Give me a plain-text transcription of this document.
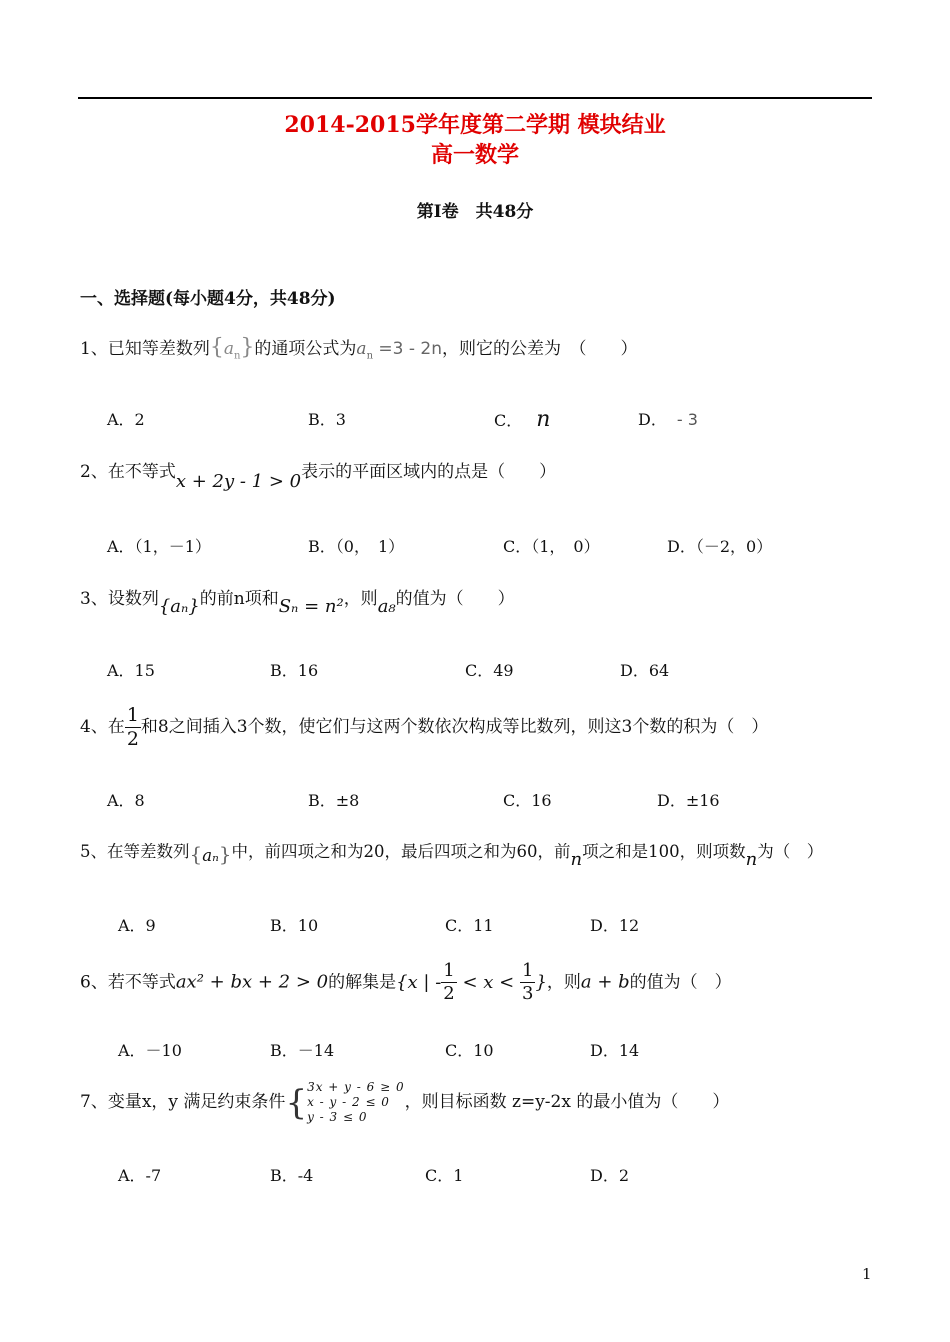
2014-2015学年度第二学期 模块结业
高一数学
第Ⅰ卷　共48分
一、选择题(每小题4分，共48分)
1、已知等差数列$\{a_n\}$的通项公式为$a_n =3 - 2n$，则它的公差为　（　　）
A．2	B．3	C． n	D． - 3
2、在不等式x + 2y - 1 > 0表示的平面区域内的点是（　　）
A．（1，－1）	B．（0，　1）	C．（1，　0）	D．（－2，0）
3、设数列{aₙ}的前n项和Sₙ = n²，则a₈的值为（　　）
A．15	B．16	C．49	D．64
4、在 $\frac{1}{2}$ 和8之间插入3个数，使它们与这两个数依次构成等比数列，则这3个数的积为（　）
A．8	B．±8	C．16	D．±16
5、在等差数列{aₙ}中，前四项之和为20，最后四项之和为60，前n项之和是100，则项数n为（　）
A．9	B．10	C．11	D．12
6、若不等式ax² + bx + 2 > 0的解集是{x | - $\frac{1}{2} < x < \frac{1}{3}$ }，则a + b的值为（　）
A．－10	B．－14	C．10	D．14
7、变量x，y 满足约束条件{ 3x + y - 6 ≥ 0
x - y - 2 ≤ 0
y - 3 ≤ 0
，则目标函数 z=y-2x 的最小值为（　　）
A．-7	B．-4	C．1	D．2
1
